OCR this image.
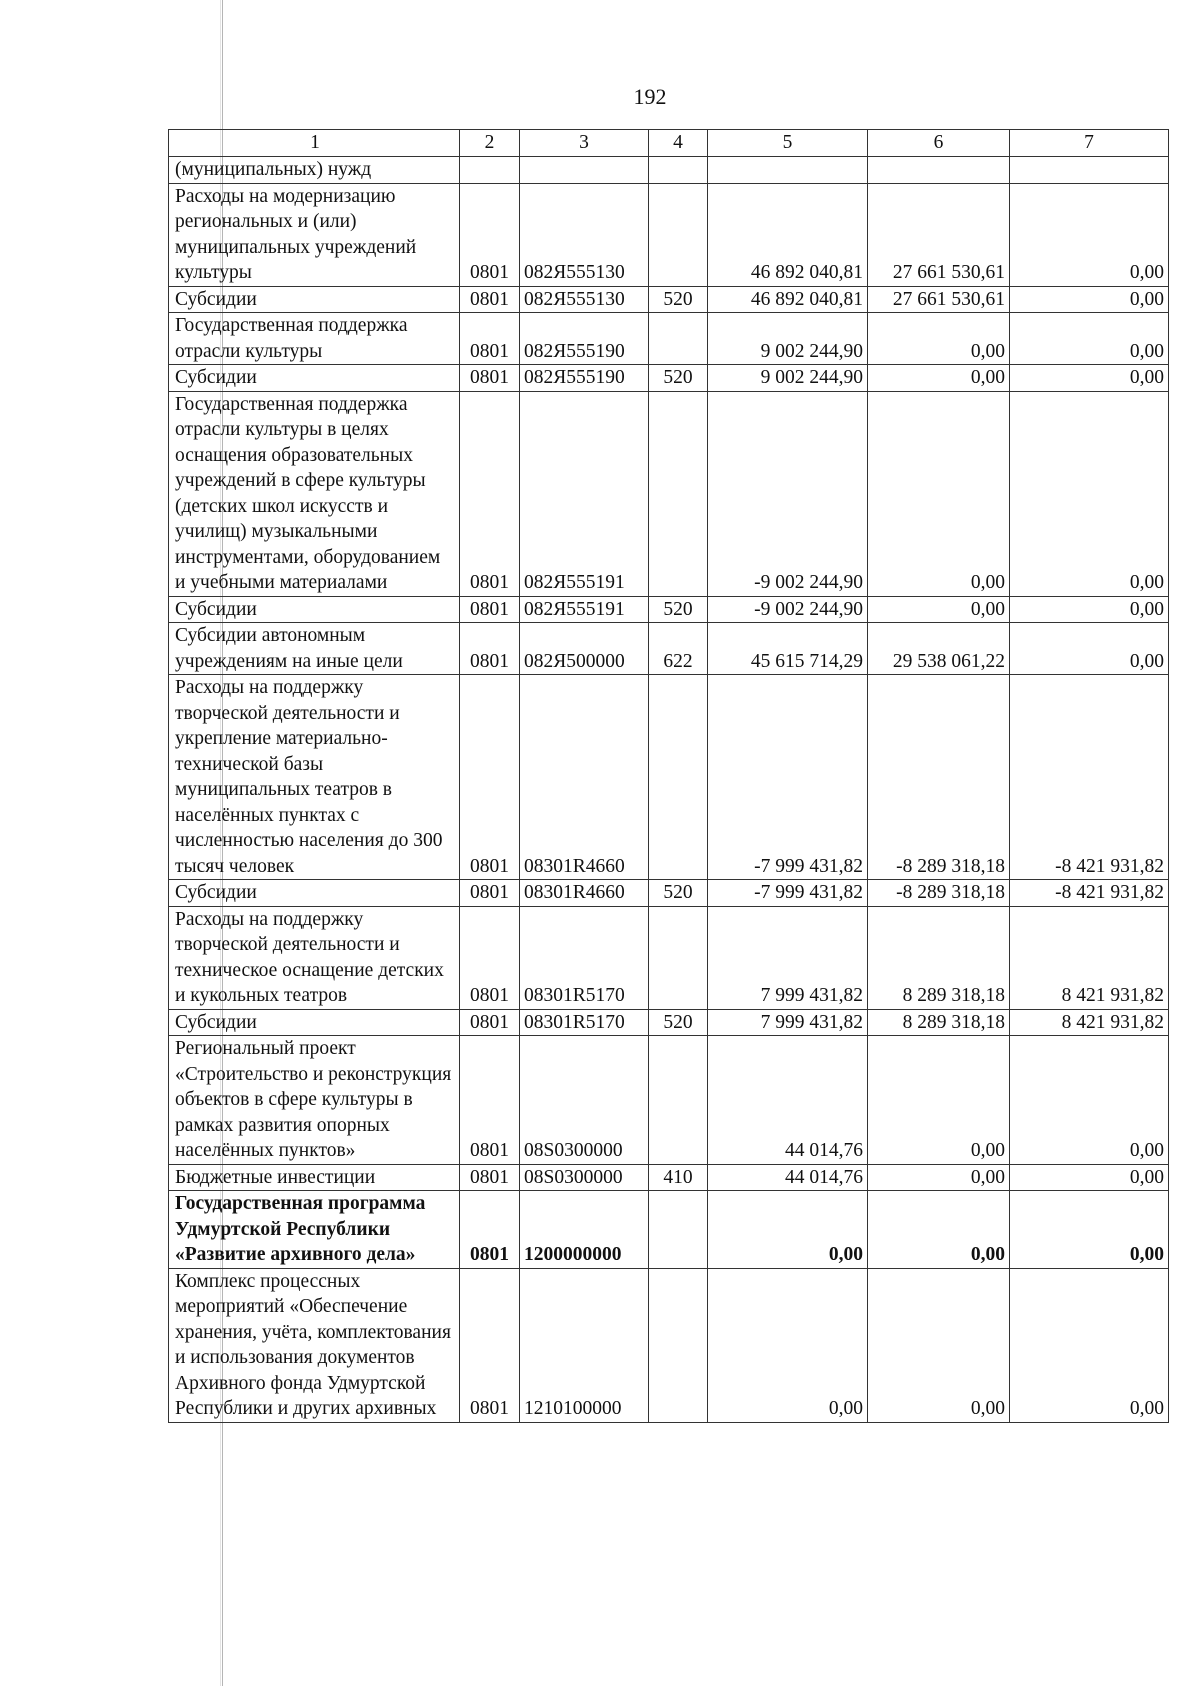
192
1	2	3	4	5	6	7
(муниципальных) нужд						
Расходы на модернизацию региональных и (или) муниципальных учреждений культуры	0801	082Я555130		46 892 040,81	27 661 530,61	0,00
Субсидии	0801	082Я555130	520	46 892 040,81	27 661 530,61	0,00
Государственная поддержка отрасли культуры	0801	082Я555190		9 002 244,90	0,00	0,00
Субсидии	0801	082Я555190	520	9 002 244,90	0,00	0,00
Государственная поддержка отрасли культуры в целях оснащения образовательных учреждений в сфере культуры (детских школ искусств и училищ) музыкальными инструментами, оборудованием и учебными материалами	0801	082Я555191		-9 002 244,90	0,00	0,00
Субсидии	0801	082Я555191	520	-9 002 244,90	0,00	0,00
Субсидии автономным учреждениям на иные цели	0801	082Я500000	622	45 615 714,29	29 538 061,22	0,00
Расходы на поддержку творческой деятельности и укрепление материально-технической базы муниципальных театров в населённых пунктах с численностью населения до 300 тысяч человек	0801	08301R4660		-7 999 431,82	-8 289 318,18	-8 421 931,82
Субсидии	0801	08301R4660	520	-7 999 431,82	-8 289 318,18	-8 421 931,82
Расходы на поддержку творческой деятельности и техническое оснащение детских и кукольных театров	0801	08301R5170		7 999 431,82	8 289 318,18	8 421 931,82
Субсидии	0801	08301R5170	520	7 999 431,82	8 289 318,18	8 421 931,82
Региональный проект «Строительство и реконструкция объектов в сфере культуры в рамках развития опорных населённых пунктов»	0801	08S0300000		44 014,76	0,00	0,00
Бюджетные инвестиции	0801	08S0300000	410	44 014,76	0,00	0,00
Государственная программа Удмуртской Республики «Развитие архивного дела»	0801	1200000000		0,00	0,00	0,00
Комплекс процессных мероприятий «Обеспечение хранения, учёта, комплектования и использования документов Архивного фонда Удмуртской Республики и других архивных	0801	1210100000		0,00	0,00	0,00
